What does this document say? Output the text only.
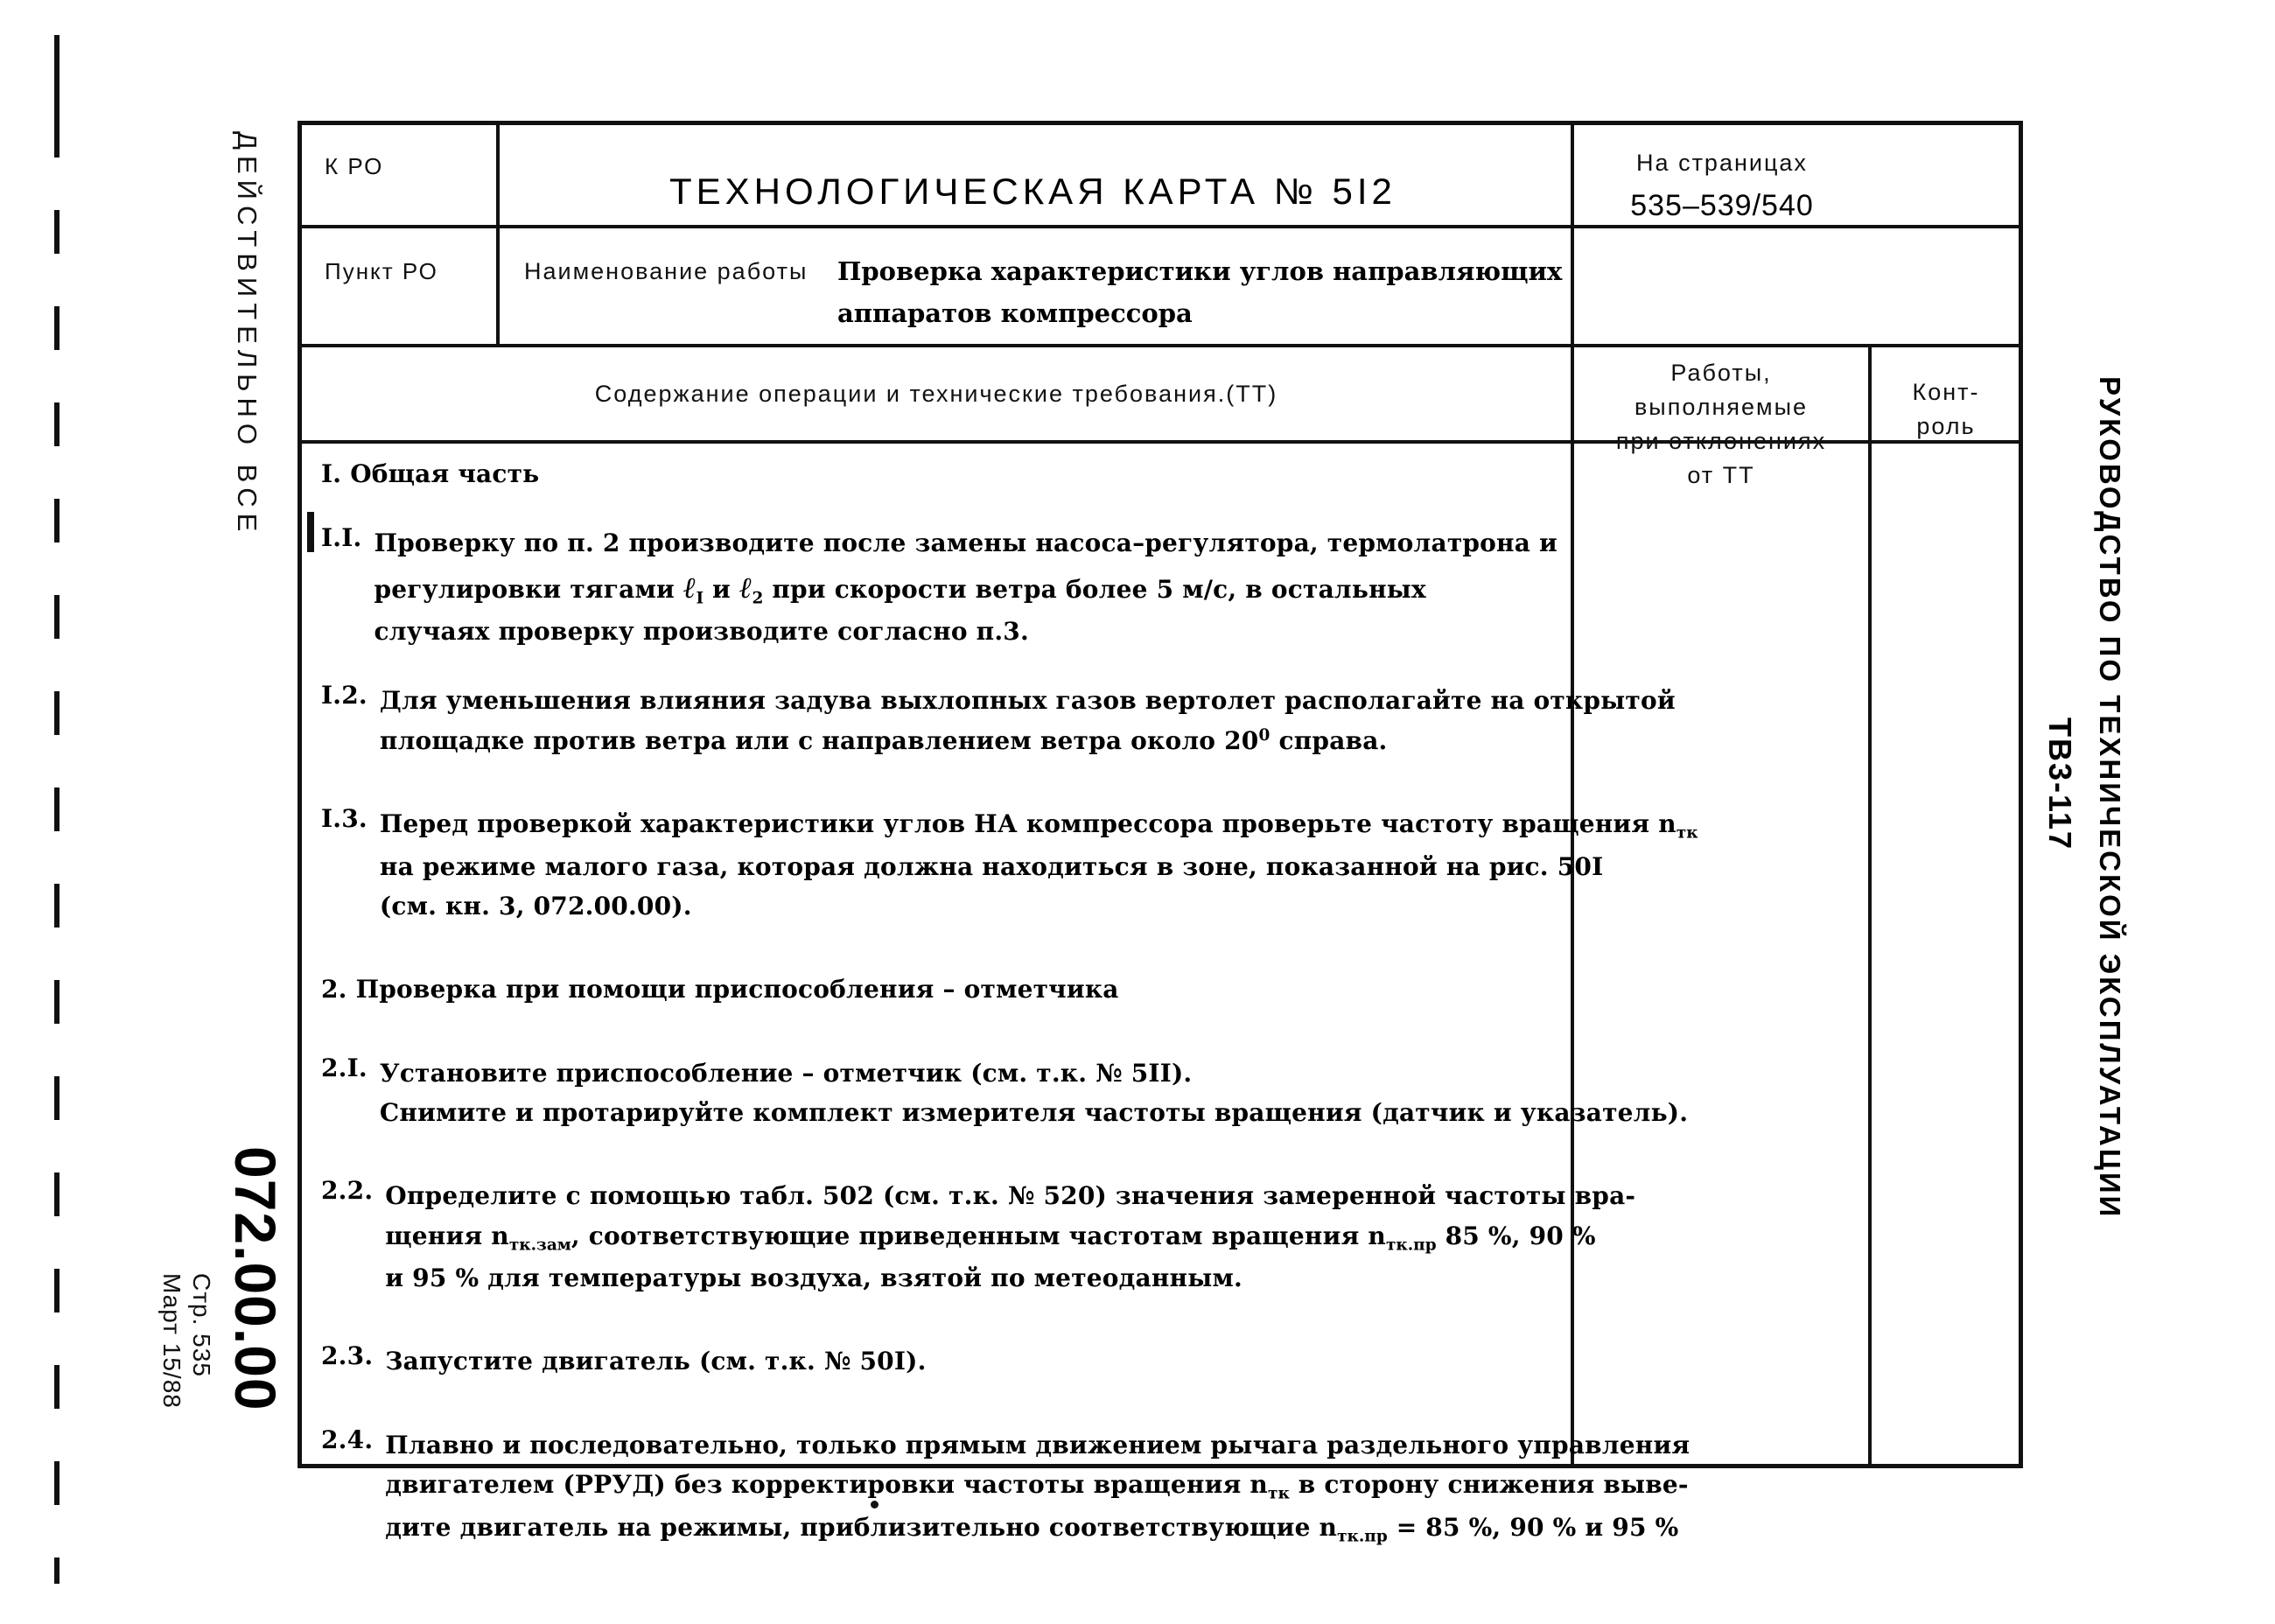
ДЕЙСТВИТЕЛЬНО ВСЕ
072.00.00
Стр. 535
Март 15/88
РУКОВОДСТВО ПО ТЕХНИЧЕСКОЙ ЭКСПЛУАТАЦИИ
ТВ3-117
К РО
ТЕХНОЛОГИЧЕСКАЯ КАРТА № 5I2
На страницах
535–539/540
Пункт РО	Наименование работы Проверка характеристики углов направляющих
аппаратов компрессора
Содержание операции и технические требования.(ТТ)
Работы,
выполняемые
при отклонениях
от ТТ
Конт-
роль
I. Общая часть
I.I. Проверку по п. 2 производите после замены насоса–регулятора, термолатрона и
регулировки тягами ℓ$_I$ и ℓ$_2$ при скорости ветра более 5 м/с, в остальных
случаях проверку производите согласно п.3.
I.2. Для уменьшения влияния задува выхлопных газов вертолет располагайте на открытой
площадке против ветра или с направлением ветра около $20^0$ справа.
I.3. Перед проверкой характеристики углов НА компрессора проверьте частоту вращения $n_{тк}$
на режиме малого газа, которая должна находиться в зоне, показанной на рис. 50I
(см. кн. 3, 072.00.00).
2. Проверка при помощи приспособления – отметчика
2.I. Установите приспособление – отметчик (см. т.к. № 5II).
Снимите и протарируйте комплект измерителя частоты вращения (датчик и указатель).
2.2. Определите с помощью табл. 502 (см. т.к. № 520) значения замеренной частоты вра-
щения $n_{тк.зам}$, соответствующие приведенным частотам вращения $n_{тк.пр}$ 85 %, 90 %
и 95 % для температуры воздуха, взятой по метеоданным.
2.3. Запустите двигатель (см. т.к. № 50I).
2.4. Плавно и последовательно, только прямым движением рычага раздельного управления
двигателем (РРУД) без корректировки частоты вращения $n_{тк}$ в сторону снижения выве-
дите двигатель на режимы, приблизительно соответствующие $n_{тк.пр} = 85$ %, 90 % и 95 %
